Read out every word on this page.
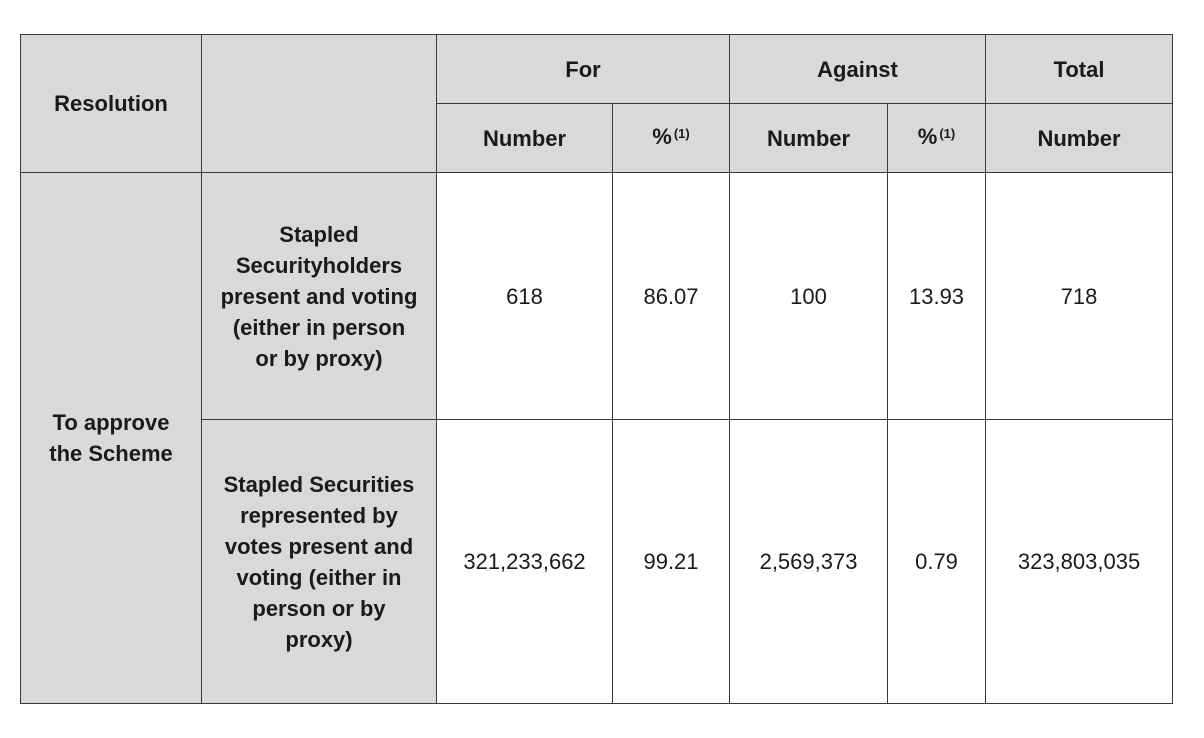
Resolution		For		Against		Total
		Number	% $^{(1)}$	Number	% $^{(1)}$	Number
To approve the Scheme	Stapled Securityholders present and voting (either in person or by proxy)	618	86.07	100	13.93	718
	Stapled Securities represented by votes present and voting (either in person or by proxy)	321,233,662	99.21	2,569,373	0.79	323,803,035
